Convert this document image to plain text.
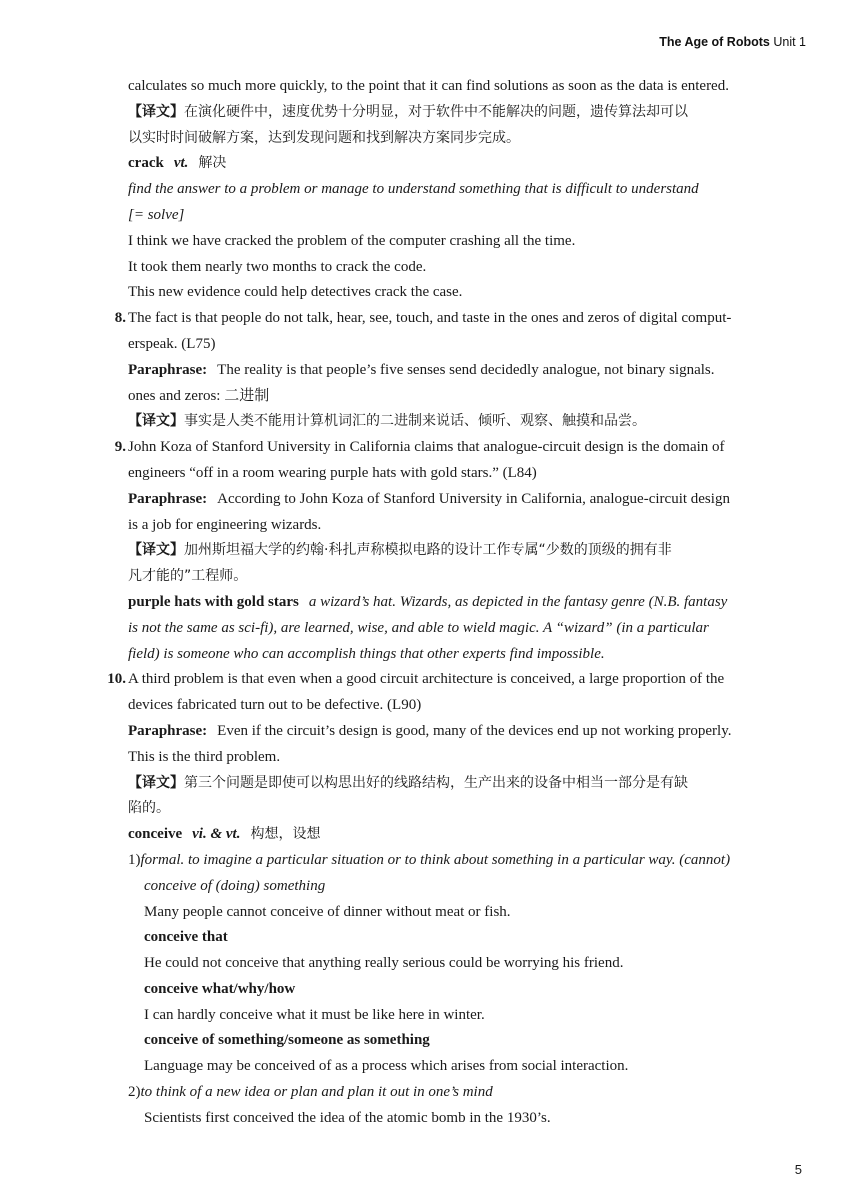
The Age of Robots Unit 1

calculates so much more quickly, to the point that it can find solutions as soon as the data is entered.

【译文】在演化硬件中，速度优势十分明显，对于软件中不能解决的问题，遗传算法却可以

以实时时间破解方案，达到发现问题和找到解决方案同步完成。

crack vt. 解决

find the answer to a problem or manage to understand something that is difficult to understand

[= solve]

I think we have cracked the problem of the computer crashing all the time.

It took them nearly two months to crack the code.

This new evidence could help detectives crack the case.

8. The fact is that people do not talk, hear, see, touch, and taste in the ones and zeros of digital comput-

erspeak. (L75)

Paraphrase: The reality is that people’s five senses send decidedly analogue, not binary signals.

ones and zeros: 二进制

【译文】事实是人类不能用计算机词汇的二进制来说话、倾听、观察、触摸和品尝。

9. John Koza of Stanford University in California claims that analogue-circuit design is the domain of

engineers “off in a room wearing purple hats with gold stars.” (L84)

Paraphrase: According to John Koza of Stanford University in California, analogue-circuit design

is a job for engineering wizards.

【译文】加州斯坦福大学的约翰·科扎声称模拟电路的设计工作专属“少数的顶级的拥有非

凡才能的”工程师。

purple hats with gold stars a wizard’s hat. Wizards, as depicted in the fantasy genre (N.B. fantasy

is not the same as sci-fi), are learned, wise, and able to wield magic. A “wizard” (in a particular

field) is someone who can accomplish things that other experts find impossible.

10. A third problem is that even when a good circuit architecture is conceived, a large proportion of the

devices fabricated turn out to be defective. (L90)

Paraphrase: Even if the circuit’s design is good, many of the devices end up not working properly.

This is the third problem.

【译文】第三个问题是即使可以构思出好的线路结构，生产出来的设备中相当一部分是有缺

陷的。

conceive vi. & vt. 构想，设想

1)formal. to imagine a particular situation or to think about something in a particular way. (cannot)

conceive of (doing) something

Many people cannot conceive of dinner without meat or fish.

conceive that

He could not conceive that anything really serious could be worrying his friend.

conceive what/why/how

I can hardly conceive what it must be like here in winter.

conceive of something/someone as something

Language may be conceived of as a process which arises from social interaction.

2)to think of a new idea or plan and plan it out in one’s mind

Scientists first conceived the idea of the atomic bomb in the 1930’s.

5
